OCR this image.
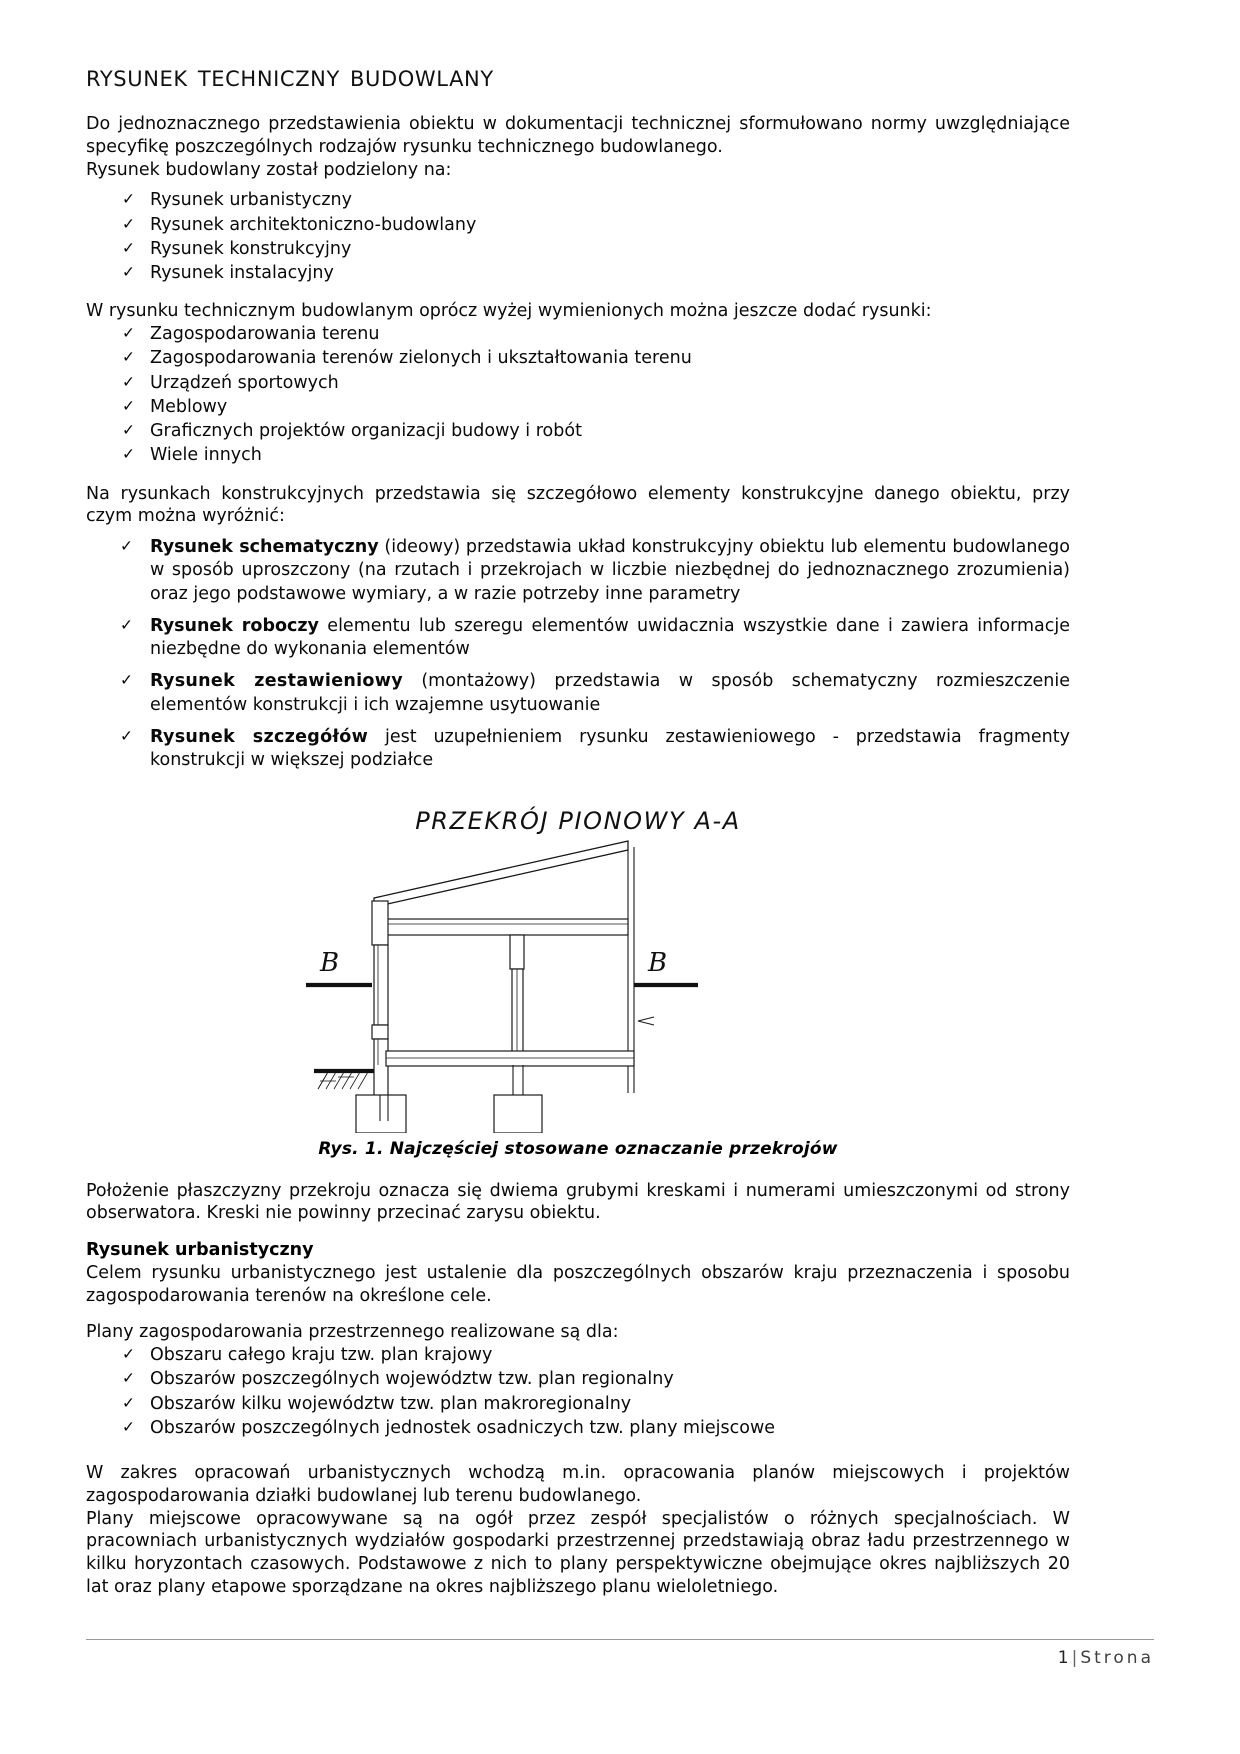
rysunek techniczny budowlany

Do jednoznacznego przedstawienia obiektu w dokumentacji technicznej sformułowano normy uwzględniające specyfikę poszczególnych rodzajów rysunku technicznego budowlanego.

Rysunek budowlany został podzielony na:

✓ Rysunek urbanistyczny
✓ Rysunek architektoniczno-budowlany
✓ Rysunek konstrukcyjny
✓ Rysunek instalacyjny

W rysunku technicznym budowlanym oprócz wyżej wymienionych można jeszcze dodać rysunki:

✓ Zagospodarowania terenu
✓ Zagospodarowania terenów zielonych i ukształtowania terenu
✓ Urządzeń sportowych
✓ Meblowy
✓ Graficznych projektów organizacji budowy i robót
✓ Wiele innych

Na rysunkach konstrukcyjnych przedstawia się szczegółowo elementy konstrukcyjne danego obiektu, przy czym można wyróżnić:

✓ Rysunek schematyczny (ideowy) przedstawia układ konstrukcyjny obiektu lub elementu budowlanego w sposób uproszczony (na rzutach i przekrojach w liczbie niezbędnej do jednoznacznego zrozumienia) oraz jego podstawowe wymiary, a w razie potrzeby inne parametry
✓ Rysunek roboczy elementu lub szeregu elementów uwidacznia wszystkie dane i zawiera informacje niezbędne do wykonania elementów
✓ Rysunek zestawieniowy (montażowy) przedstawia w sposób schematyczny rozmieszczenie elementów konstrukcji i ich wzajemne usytuowanie
✓ Rysunek szczegółów jest uzupełnieniem rysunku zestawieniowego - przedstawia fragmenty konstrukcji w większej podziałce
PRZEKRÓJ PIONOWY A-A
B	B
Rys. 1. Najczęściej stosowane oznaczanie przekrojów

Położenie płaszczyzny przekroju oznacza się dwiema grubymi kreskami i numerami umieszczonymi od strony obserwatora. Kreski nie powinny przecinać zarysu obiektu.

Rysunek urbanistyczny

Celem rysunku urbanistycznego jest ustalenie dla poszczególnych obszarów kraju przeznaczenia i sposobu zagospodarowania terenów na określone cele.

Plany zagospodarowania przestrzennego realizowane są dla:

✓ Obszaru całego kraju tzw. plan krajowy
✓ Obszarów poszczególnych województw tzw. plan regionalny
✓ Obszarów kilku województw tzw. plan makroregionalny
✓ Obszarów poszczególnych jednostek osadniczych tzw. plany miejscowe

W zakres opracowań urbanistycznych wchodzą m.in. opracowania planów miejscowych i projektów zagospodarowania działki budowlanej lub terenu budowlanego.

Plany miejscowe opracowywane są na ogół przez zespół specjalistów o różnych specjalnościach. W pracowniach urbanistycznych wydziałów gospodarki przestrzennej przedstawiają obraz ładu przestrzennego w kilku horyzontach czasowych. Podstawowe z nich to plany perspektywiczne obejmujące okres najbliższych 20 lat oraz plany etapowe sporządzane na okres najbliższego planu wieloletniego.

1 | Strona
